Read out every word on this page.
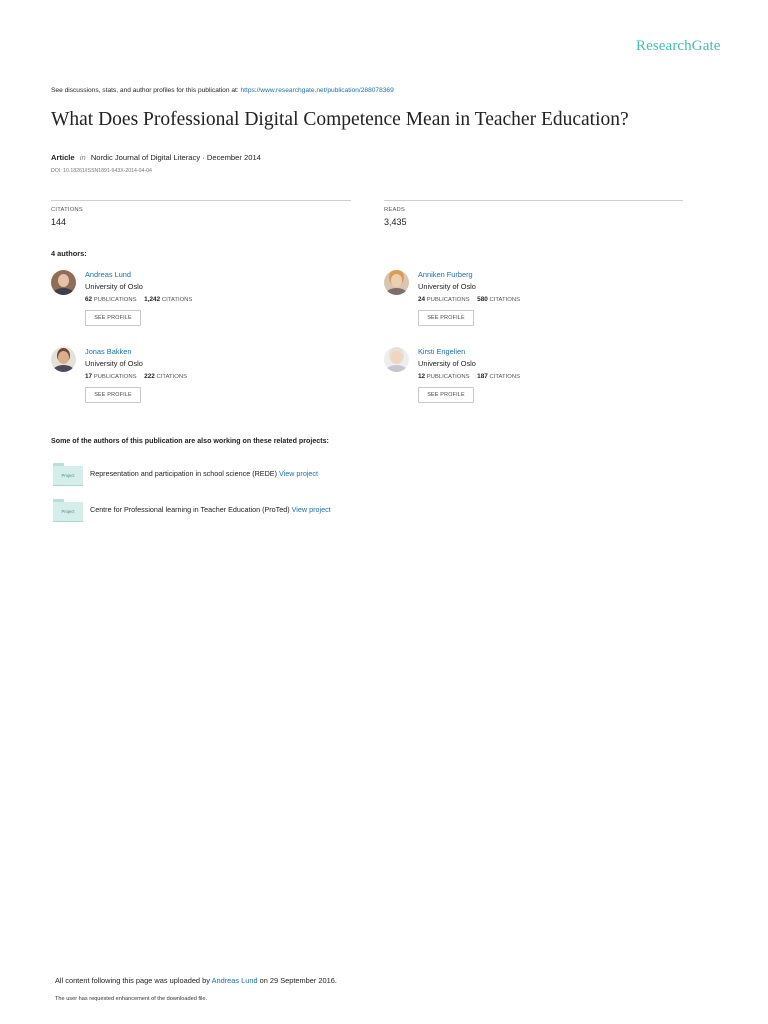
ResearchGate
See discussions, stats, and author profiles for this publication at: https://www.researchgate.net/publication/288078369
What Does Professional Digital Competence Mean in Teacher Education?
Article in Nordic Journal of Digital Literacy · December 2014
DOI: 10.18261/ISSN1891-943X-2014-04-04
CITATIONS
144
READS
3,435
4 authors:
Andreas Lund
University of Oslo
62 PUBLICATIONS 1,242 CITATIONS
SEE PROFILE
Anniken Furberg
University of Oslo
24 PUBLICATIONS 580 CITATIONS
SEE PROFILE
Jonas Bakken
University of Oslo
17 PUBLICATIONS 222 CITATIONS
SEE PROFILE
Kirsti Engelien
University of Oslo
12 PUBLICATIONS 187 CITATIONS
SEE PROFILE
Some of the authors of this publication are also working on these related projects:
Project	Representation and participation in school science (REDE) View project
Project	Centre for Professional learning in Teacher Education (ProTed) View project
All content following this page was uploaded by Andreas Lund on 29 September 2016.
The user has requested enhancement of the downloaded file.
